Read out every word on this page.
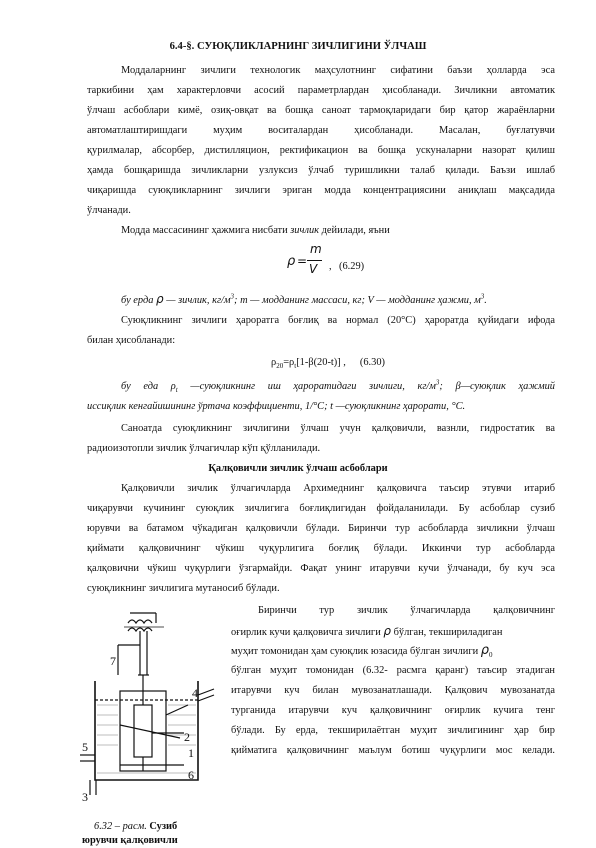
6.4-§. СУЮҚЛИКЛАРНИНГ ЗИЧЛИГИНИ ЎЛЧАШ
Моддаларнинг зичлиги технологик маҳсулотнинг сифатини баъзи ҳолларда эса
таркибини ҳам характерловчи асосий параметрлардан ҳисобланади. Зичликни автоматик
ўлчаш асбоблари кимё, озиқ-овқат ва бошқа саноат тармоқларидаги бир қатор жараёнларни
автоматлаштиришдаги муҳим воситалардан ҳисобланади. Масалан, буғлатувчи
қурилмалар, абсорбер, дистилляцион, ректификацион ва бошқа ускуналарни назорат қилиш
ҳамда бошқаришда зичликларни узлуксиз ўлчаб туришликни талаб қилади. Баъзи ишлаб
чиқаришда суюқликларнинг зичлиги эриган модда концентрациясини аниқлаш мақсадида
ўлчанади.
Модда массасининг ҳажмига нисбати зичлик дейилади, яъни
ρ =
m
V , (6.29)
бу ерда ρ — зичлик, $кг/м^3$; m — модданинг массаси, кг; V — модданинг ҳажми, $м^3$.
Суюқликнинг зичлиги ҳароратга боғлиқ ва нормал (20°С) ҳароратда қуйидаги ифода
билан ҳисобланади:
$\rho_{20}=\rho_t[1-\beta(20-t)]$ , (6.30)
бу еда $\rho_t$ —суюқликнинг иш ҳароратидаги зичлиги, $кг/м^3$; β—суюқлик ҳажмий
иссиқлик кенгайишининг ўртача коэффициенти, 1/°С; t —суюқликнинг ҳарорати, °С.
Саноатда суюқликнинг зичлигини ўлчаш учун қалқовичли, вазнли, гидростатик ва
радиоизотопли зичлик ўлчагичлар кўп қўлланилади.
Қалқовичли зичлик ўлчаш асбоблари
Қалқовичли зичлик ўлчагичларда Архимеднинг қалқовичга таъсир этувчи итариб
чиқарувчи кучининг суюқлик зичлигига боғлиқлигидан фойдаланилади. Бу асбоблар сузиб
юрувчи ва батамом чўкадиган қалқовичли бўлади. Биринчи тур асбобларда зичликни ўлчаш
қиймати қалқовичнинг чўкиш чуқурлигига боғлиқ бўлади. Иккинчи тур асбобларда
қалқовични чўкиш чуқурлиги ўзгармайди. Фақат унинг итарувчи кучи ўлчанади, бу куч эса
суюқликнинг зичлигига мутаносиб бўлади.
Биринчи тур зичлик ўлчагичларда қалқовичнинг
оғирлик кучи қалқовичга зичлиги ρ бўлган, текшириладиган
муҳит томонидан ҳам суюқлик юзасида бўлган зичлиги $\rho_0$
бўлган муҳит томонидан (6.32- расмга қаранг) таъсир этадиган
итарувчи куч билан мувозанатлашади. Қалқович мувозанатда
турганида итарувчи куч қалқовичнинг оғирлик кучига тенг
бўлади. Бу ерда, текширилаётган муҳит зичлигининг ҳар бир
қийматига қалқовичнинг маълум ботиш чуқурлиги мос келади.
7
4
2
1
5
6
3
6.32 – расм. Сузиб
юрувчи қалқовичли
